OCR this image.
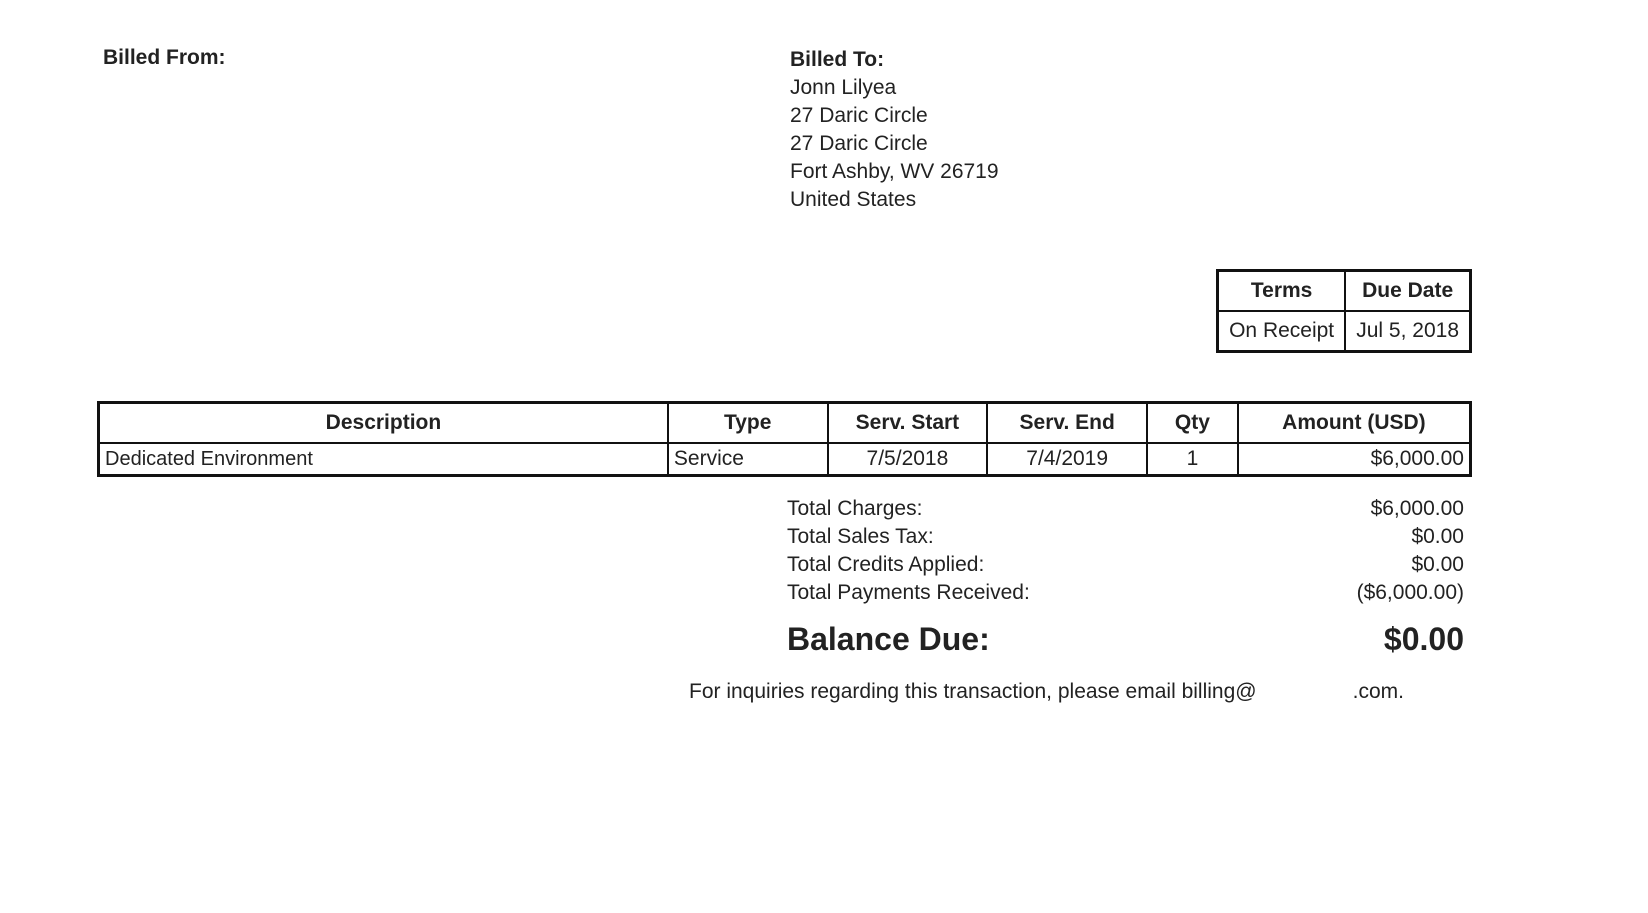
Billed From:	Billed To:
Jonn Lilyea
27 Daric Circle
27 Daric Circle
Fort Ashby, WV 26719
United States
Terms	Due Date
On Receipt	Jul 5, 2018
Description	Type	Serv. Start	Serv. End	Qty	Amount (USD)
Dedicated Environment	Service	7/5/2018	7/4/2019	1	$6,000.00
Total Charges:	$6,000.00
Total Sales Tax:	$0.00
Total Credits Applied:	$0.00
Total Payments Received:	($6,000.00)
Balance Due:	$0.00
For inquiries regarding this transaction, please email billing@	.com.
